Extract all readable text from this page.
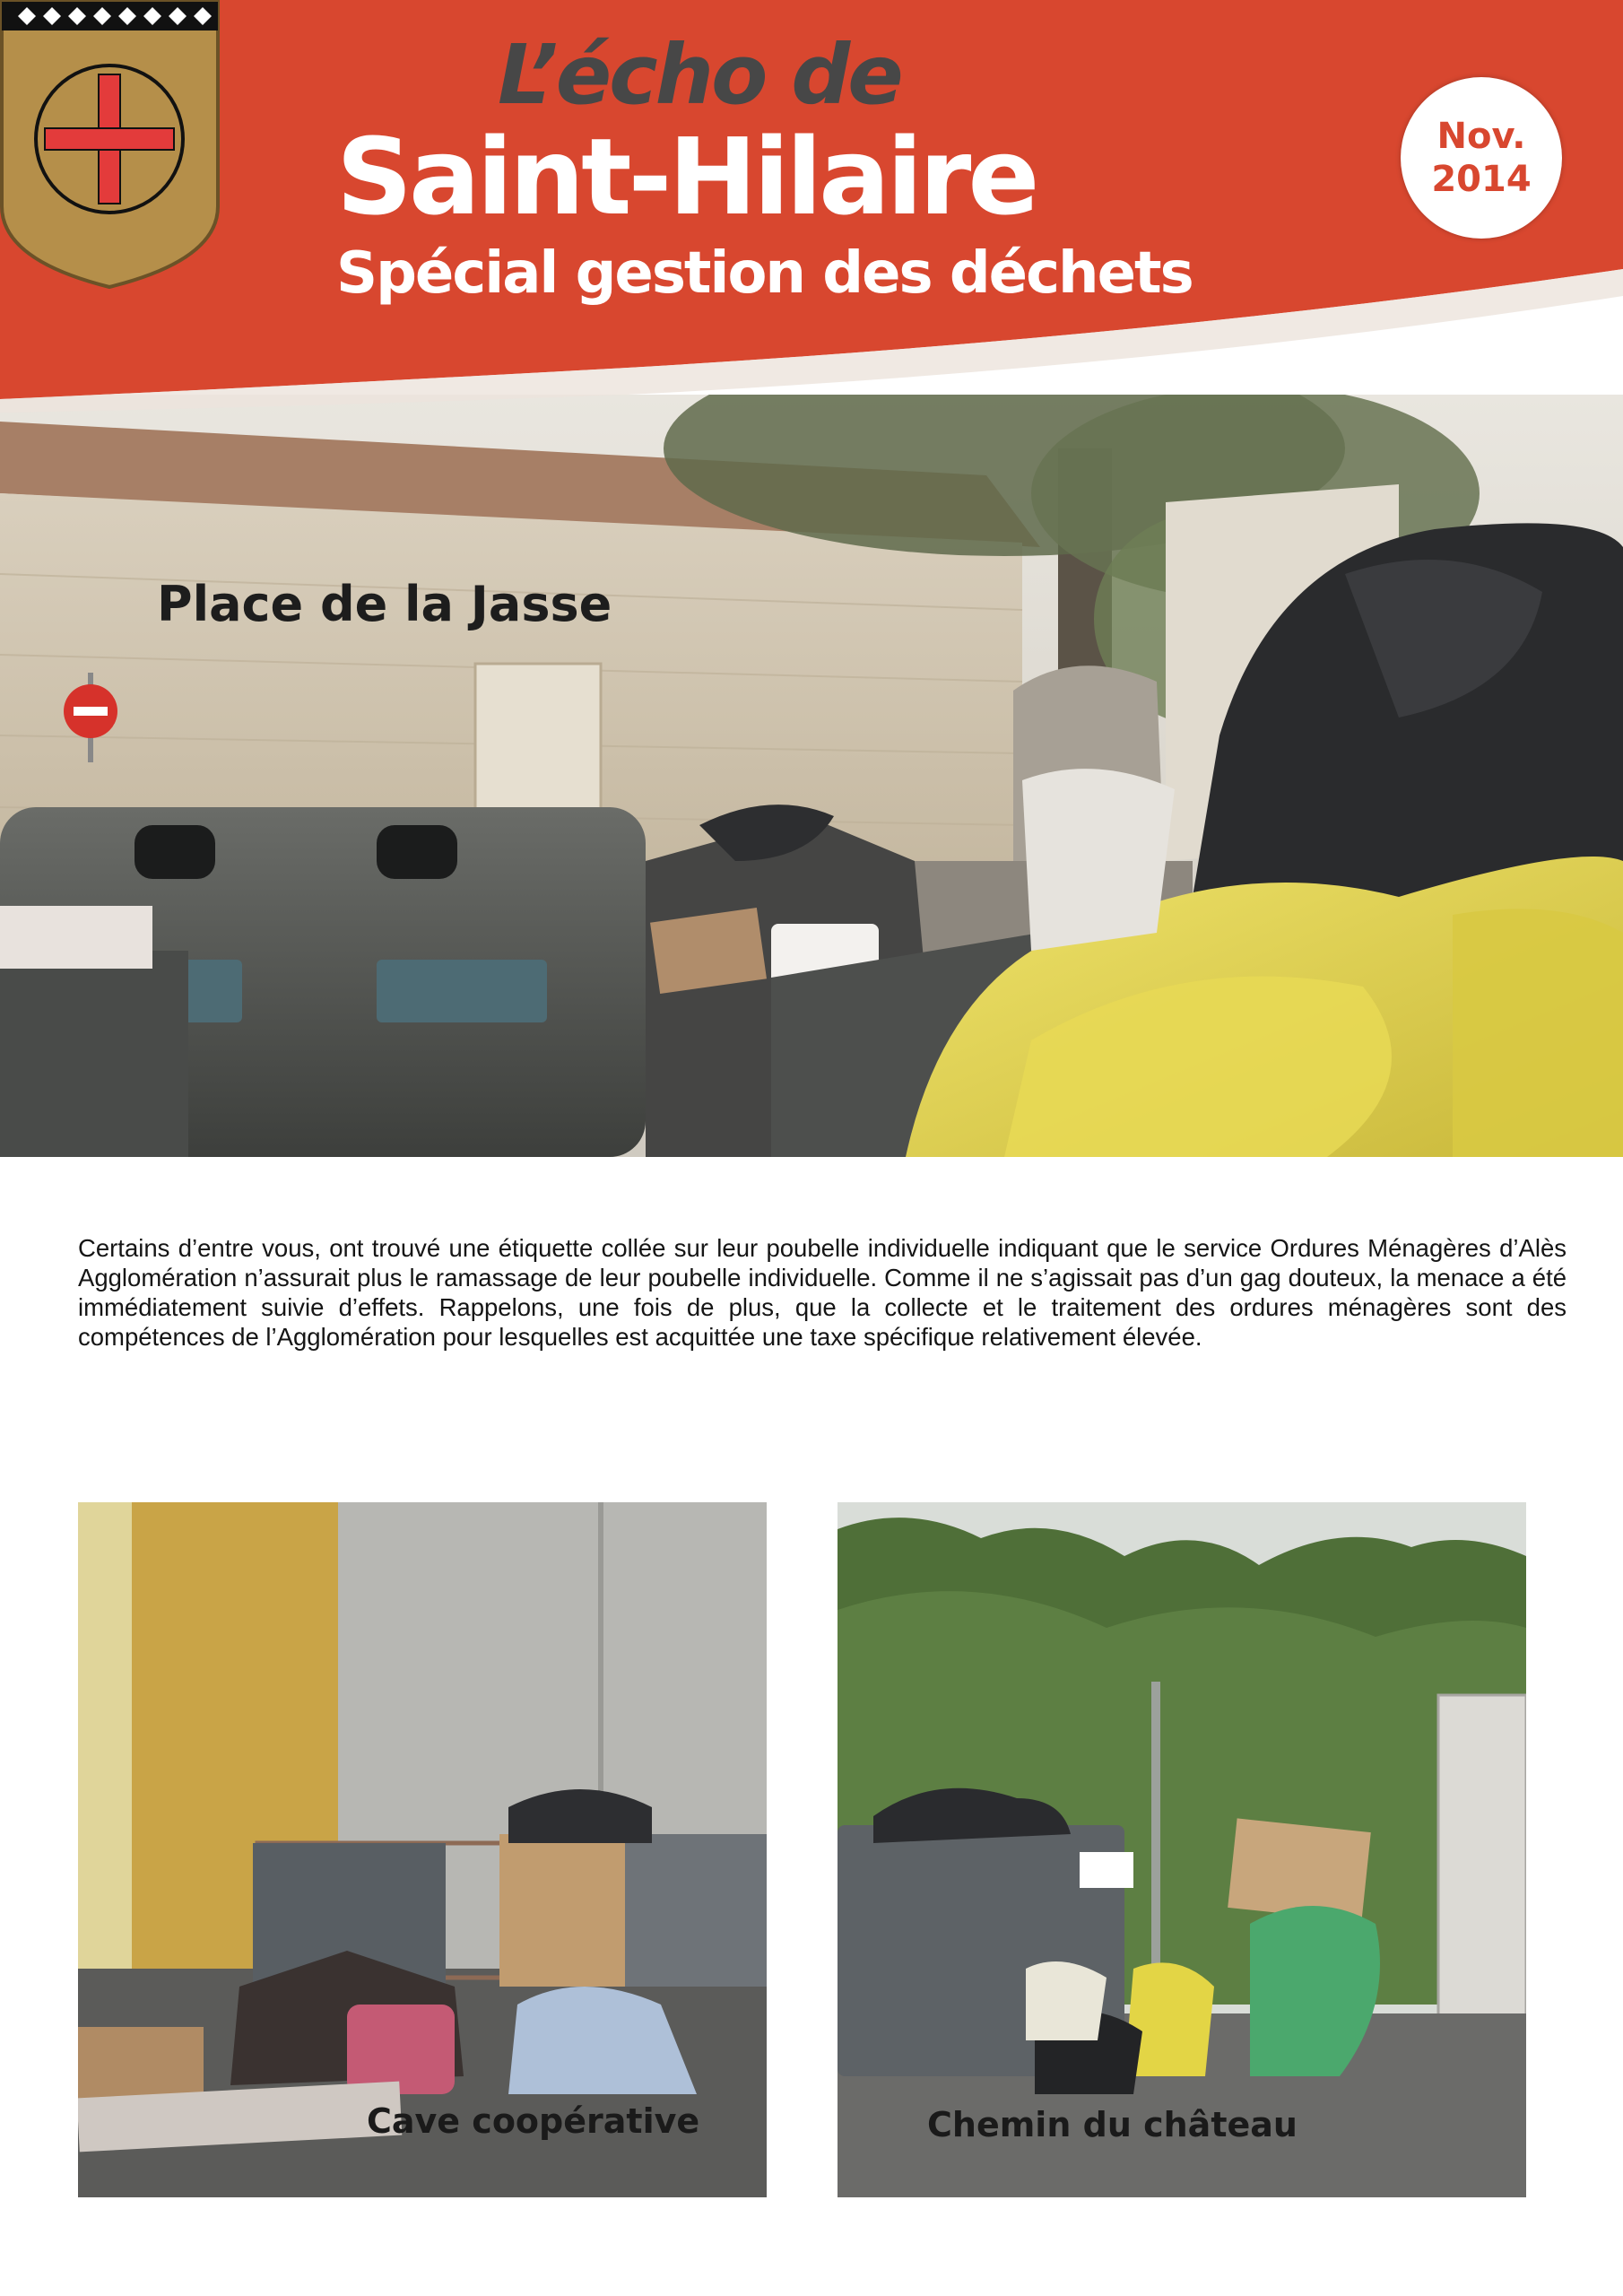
Place de la Jasse
L’écho de
Saint-Hilaire
Spécial gestion des déchets
Nov.
2014

Certains d’entre vous, ont trouvé une étiquette collée sur leur poubelle individuelle indiquant que le service Ordures Ménagères d’Alès Agglomération n’assurait plus le ramassage de leur poubelle individuelle. Comme il ne s’agissait pas d’un gag douteux, la menace a été immédiatement suivie d’effets. Rappelons, une fois de plus, que la collecte et le traitement des ordures ménagères sont des compétences de l’Agglomération pour lesquelles est acquittée une taxe spécifique relativement élevée.

Cave coopérative	Chemin du château
